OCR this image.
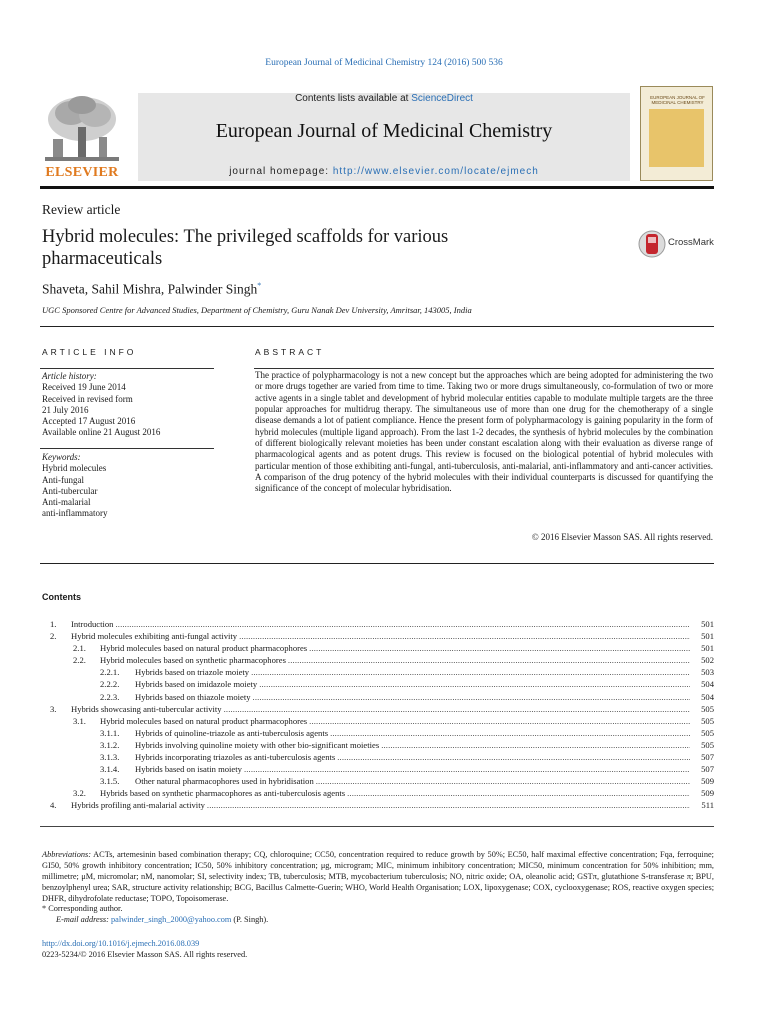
European Journal of Medicinal Chemistry 124 (2016) 500 536
ELSEVIER
Contents lists available at ScienceDirect
European Journal of Medicinal Chemistry
journal homepage: http://www.elsevier.com/locate/ejmech
EUROPEAN JOURNAL OF MEDICINAL CHEMISTRY
Review article
Hybrid molecules: The privileged scaffolds for various pharmaceuticals
CrossMark
Shaveta, Sahil Mishra, Palwinder Singh*
UGC Sponsored Centre for Advanced Studies, Department of Chemistry, Guru Nanak Dev University, Amritsar, 143005, India
ARTICLE INFO	ABSTRACT
Article history:
Received 19 June 2014
Received in revised form
21 July 2016
Accepted 17 August 2016
Available online 21 August 2016
Keywords:
Hybrid molecules
Anti-fungal
Anti-tubercular
Anti-malarial
anti-inflammatory
The practice of polypharmacology is not a new concept but the approaches which are being adopted for administering the two or more drugs together are varied from time to time. Taking two or more drugs simultaneously, co-formulation of two or more active agents in a single tablet and development of hybrid molecular entities capable to modulate multiple targets are the three popular approaches for multidrug therapy. The simultaneous use of more than one drug for the chemotherapy of a single disease demands a lot of patient compliance. Hence the present form of polypharmacology is gaining popularity in the form of hybrid molecules (multiple ligand approach). From the last 1-2 decades, the synthesis of hybrid molecules by the combination of different biologically relevant moieties has been under constant escalation along with their evaluation as diverse range of pharmacological agents and as potent drugs. This review is focused on the biological potential of hybrid molecules with particular mention of those exhibiting anti-fungal, anti-tuberculosis, anti-malarial, anti-inflammatory and anti-cancer activities. A comparison of the drug potency of the hybrid molecules with their individual counterparts is discussed for quantifying the significance of the concept of molecular hybridisation.
© 2016 Elsevier Masson SAS. All rights reserved.
Contents
1.	Introduction . . .	501
2.	Hybrid molecules exhibiting anti-fungal activity . . .	501
2.1.	Hybrid molecules based on natural product pharmacophores . . .	501
2.2.	Hybrid molecules based on synthetic pharmacophores . . .	502
2.2.1.	Hybrids based on triazole moiety . . .	503
2.2.2.	Hybrids based on imidazole moiety . . .	504
2.2.3.	Hybrids based on thiazole moiety . . .	504
3.	Hybrids showcasing anti-tubercular activity . . .	505
3.1.	Hybrid molecules based on natural product pharmacophores . . .	505
3.1.1.	Hybrids of quinoline-triazole as anti-tuberculosis agents . . .	505
3.1.2.	Hybrids involving quinoline moiety with other bio-significant moieties . . .	505
3.1.3.	Hybrids incorporating triazoles as anti-tuberculosis agents . . .	507
3.1.4.	Hybrids based on isatin moiety . . .	507
3.1.5.	Other natural pharmacophores used in hybridisation . . .	509
3.2.	Hybrids based on synthetic pharmacophores as anti-tuberculosis agents . . .	509
4.	Hybrids profiling anti-malarial activity . . .	511
Abbreviations: ACTs, artemesinin based combination therapy; CQ, chloroquine; CC50, concentration required to reduce growth by 50%; EC50, half maximal effective concentration; Fqa, ferroquine; GI50, 50% growth inhibitory concentration; IC50, 50% inhibitory concentration; μg, microgram; MIC, minimum inhibitory concentration; MIC50, minimum concentration for 50% inhibition; mm, millimetre; μM, micromolar; nM, nanomolar; SI, selectivity index; TB, tuberculosis; MTB, mycobacterium tuberculosis; NO, nitric oxide; OA, oleanolic acid; GSTπ, glutathione S-transferase π; BPU, benzoylphenyl urea; SAR, structure activity relationship; BCG, Bacillus Calmette-Guerin; WHO, World Health Organisation; LOX, lipoxygenase; COX, cyclooxygenase; ROS, reactive oxygen species; DHFR, dihydrofolate reductase; TOPO, Topoisomerase.
* Corresponding author.
E-mail address: palwinder_singh_2000@yahoo.com (P. Singh).
http://dx.doi.org/10.1016/j.ejmech.2016.08.039
0223-5234/© 2016 Elsevier Masson SAS. All rights reserved.
